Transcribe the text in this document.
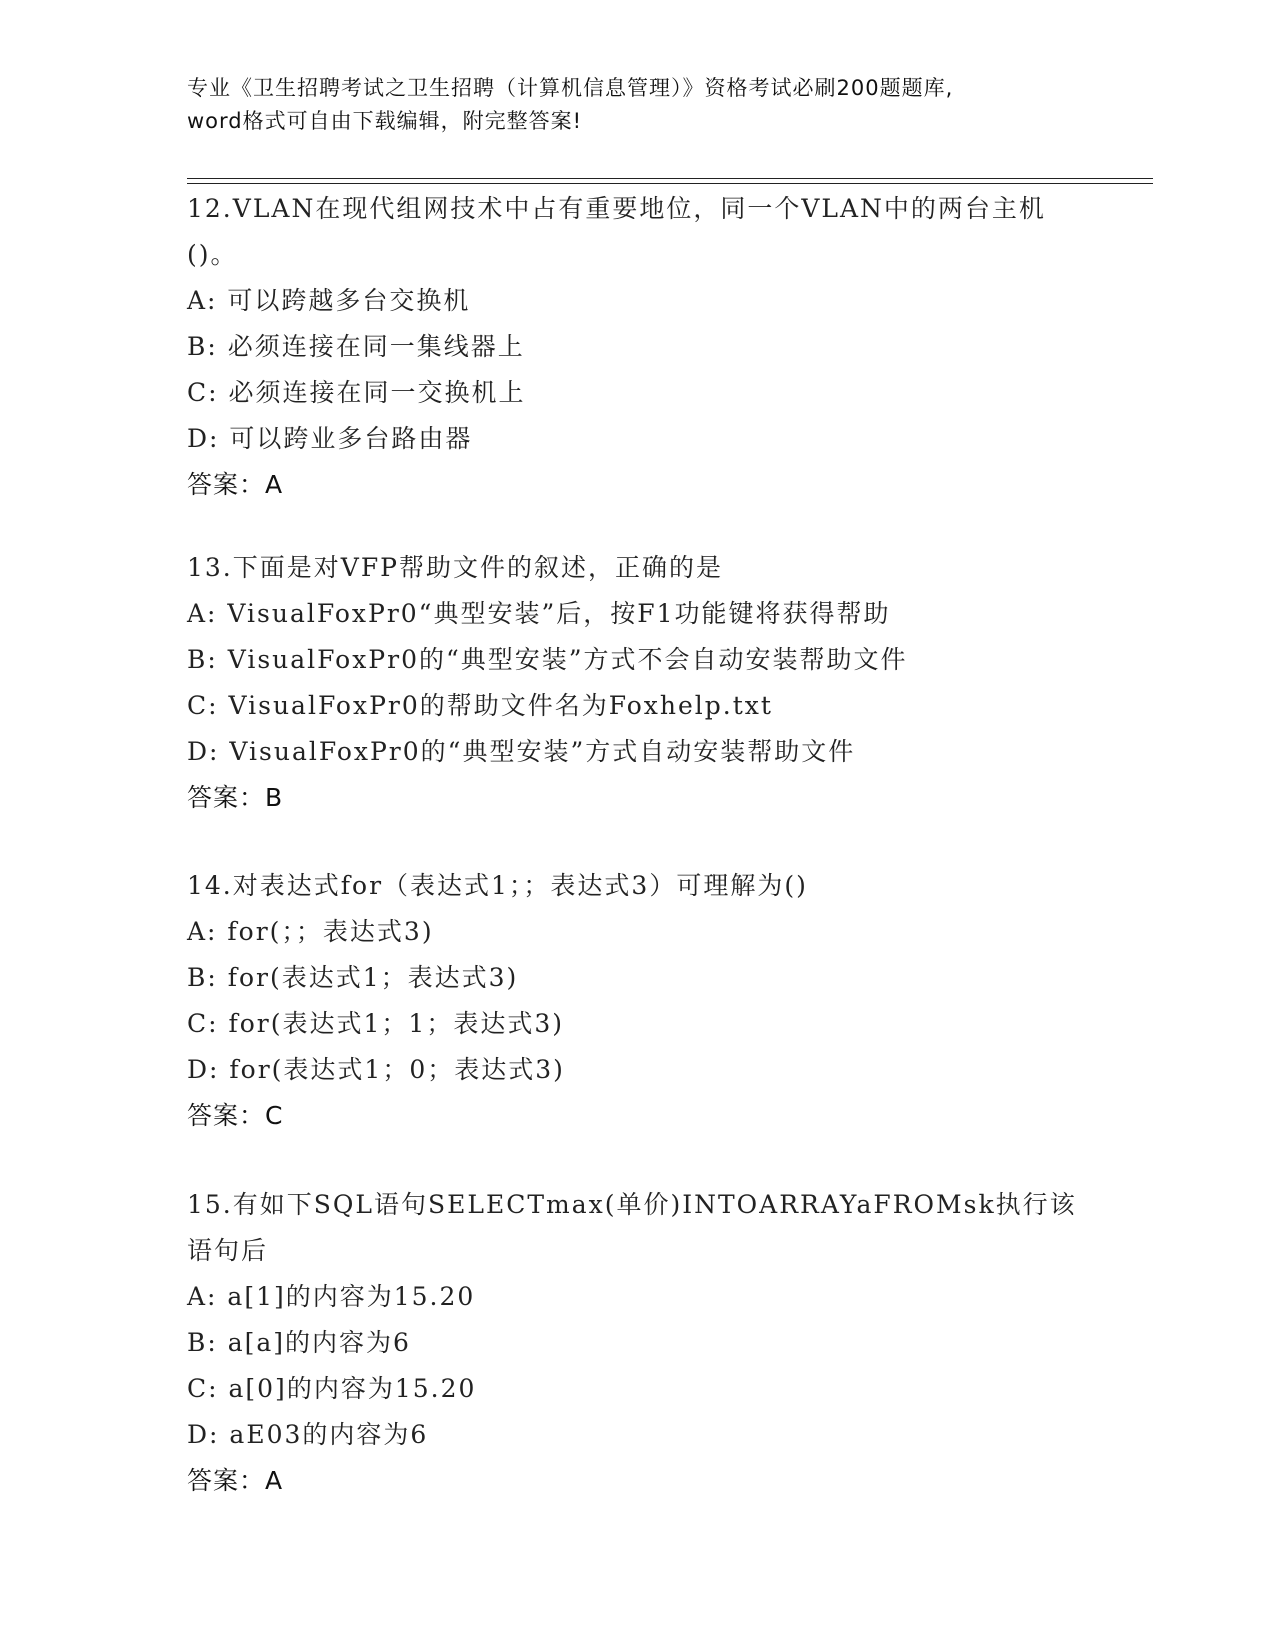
专业《卫生招聘考试之卫生招聘（计算机信息管理）》资格考试必刷200题题库,
word格式可自由下载编辑，附完整答案!

12.VLAN在现代组网技术中占有重要地位，同一个VLAN中的两台主机

()。

A: 可以跨越多台交换机

B: 必须连接在同一集线器上

C: 必须连接在同一交换机上

D: 可以跨业多台路由器

答案：A

13.下面是对VFP帮助文件的叙述，正确的是

A: VisualFoxPr0“典型安装”后，按F1功能键将获得帮助

B: VisualFoxPr0的“典型安装”方式不会自动安装帮助文件

C: VisualFoxPr0的帮助文件名为Foxhelp.txt

D: VisualFoxPr0的“典型安装”方式自动安装帮助文件

答案：B

14.对表达式for（表达式1；；表达式3）可理解为()

A: for(；；表达式3)

B: for(表达式1；表达式3)

C: for(表达式1；1；表达式3)

D: for(表达式1；0；表达式3)

答案：C

15.有如下SQL语句SELECTmax(单价)INTOARRAYaFROMsk执行该语句后

A: a[1]的内容为15.20

B: a[a]的内容为6

C: a[0]的内容为15.20

D: aE03的内容为6

答案：A
